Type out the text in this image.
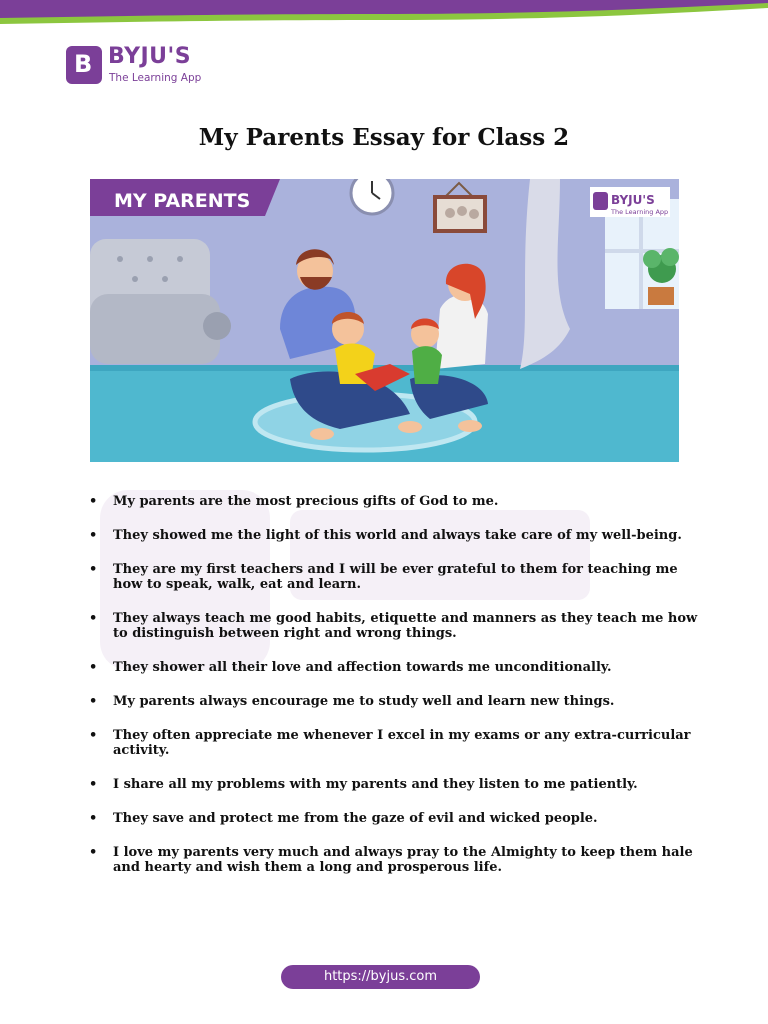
B BYJU'S
The Learning App
My Parents Essay for Class 2
MY PARENTS	BYJU'S
The Learning App
• My parents are the most precious gifts of God to me.
• They showed me the light of this world and always take care of my well-being.
• They are my first teachers and I will be ever grateful to them for teaching me how to speak, walk, eat and learn.
• They always teach me good habits, etiquette and manners as they teach me how to distinguish between right and wrong things.
• They shower all their love and affection towards me unconditionally.
• My parents always encourage me to study well and learn new things.
• They often appreciate me whenever I excel in my exams or any extra-curricular activity.
• I share all my problems with my parents and they listen to me patiently.
• They save and protect me from the gaze of evil and wicked people.
• I love my parents very much and always pray to the Almighty to keep them hale and hearty and wish them a long and prosperous life.
https://byjus.com
